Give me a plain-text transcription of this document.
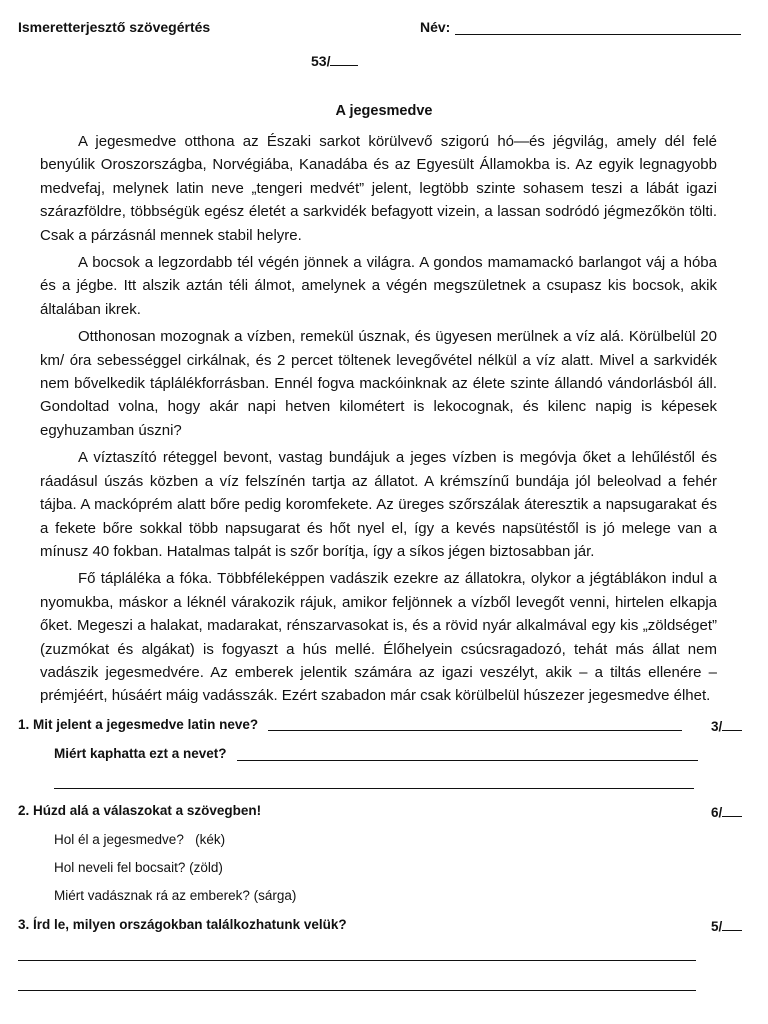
Ismeretterjesztő szövegértés	Név:
53/
A jegesmedve

A jegesmedve otthona az Északi sarkot körülvevő szigorú hó—és jégvilág, amely dél felé benyúlik Oroszországba, Norvégiába, Kanadába és az Egyesült Államokba is. Az egyik legnagyobb medvefaj, melynek latin neve „tengeri medvét” jelent, legtöbb szinte sohasem teszi a lábát igazi szárazföldre, többségük egész életét a sarkvidék befagyott vizein, a lassan sodródó jégmezőkön tölti. Csak a párzásnál mennek stabil helyre.

A bocsok a legzordabb tél végén jönnek a világra. A gondos mamamackó barlangot váj a hóba és a jégbe. Itt alszik aztán téli álmot, amelynek a végén megszületnek a csupasz kis bocsok, akik általában ikrek.

Otthonosan mozognak a vízben, remekül úsznak, és ügyesen merülnek a víz alá. Körülbelül 20 km/ óra sebességgel cirkálnak, és 2 percet töltenek levegővétel nélkül a víz alatt. Mivel a sarkvidék nem bővelkedik táplálékforrásban. Ennél fogva mackóinknak az élete szinte állandó vándorlásból áll. Gondoltad volna, hogy akár napi hetven kilométert is lekocognak, és kilenc napig is képesek egyhuzamban úszni?

A víztaszító réteggel bevont, vastag bundájuk a jeges vízben is megóvja őket a lehűléstől és ráadásul úszás közben a víz felszínén tartja az állatot. A krémszínű bundája jól beleolvad a fehér tájba. A mackóprém alatt bőre pedig koromfekete. Az üreges szőrszálak áteresztik a napsugarakat és a fekete bőre sokkal több napsugarat és hőt nyel el, így a kevés napsütéstől is jó melege van a mínusz 40 fokban. Hatalmas talpát is szőr borítja, így a síkos jégen biztosabban jár.

Fő tápláléka a fóka. Többféleképpen vadászik ezekre az állatokra, olykor a jégtáblákon indul a nyomukba, máskor a léknél várakozik rájuk, amikor feljönnek a vízből levegőt venni, hirtelen elkapja őket. Megeszi a halakat, madarakat, rénszarvasokat is, és a rövid nyár alkalmával egy kis „zöldséget” (zuzmókat és algákat) is fogyaszt a hús mellé. Élőhelyein csúcsragadozó, tehát más állat nem vadászik jegesmedvére. Az emberek jelentik számára az igazi veszélyt, akik – a tiltás ellenére – prémjéért, húsáért máig vadásszák. Ezért szabadon már csak körülbelül húszezer jegesmedve élhet.

1. Mit jelent a jegesmedve latin neve?	3/
Miért kaphatta ezt a nevet?
2. Húzd alá a válaszokat a szövegben!	6/
Hol él a jegesmedve?   (kék)
Hol neveli fel bocsait? (zöld)
Miért vadásznak rá az emberek? (sárga)
3. Írd le, milyen országokban találkozhatunk velük?	5/
